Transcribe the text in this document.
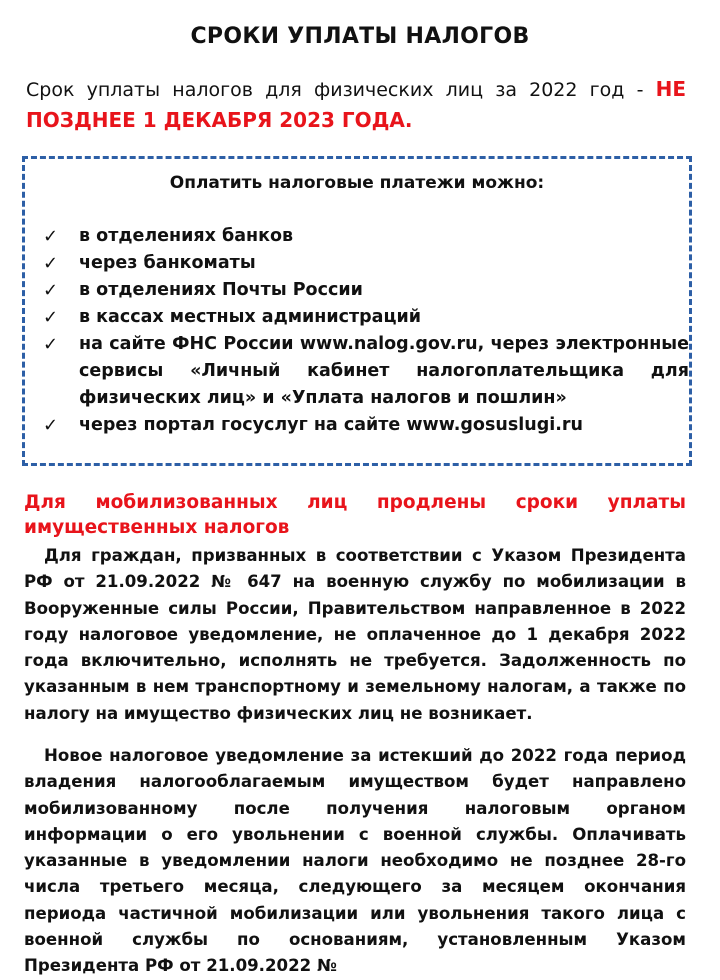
СРОКИ УПЛАТЫ НАЛОГОВ
Срок уплаты налогов для физических лиц за 2022 год - НЕ ПОЗДНЕЕ 1 ДЕКАБРЯ 2023 ГОДА.
Оплатить налоговые платежи можно:
✓ в отделениях банков
✓ через банкоматы
✓ в отделениях Почты России
✓ в кассах местных администраций
✓ на сайте ФНС России www.nalog.gov.ru, через электронные сервисы «Личный кабинет налогоплательщика для физических лиц» и «Уплата налогов и пошлин»
✓ через портал госуслуг на сайте www.gosuslugi.ru
Для мобилизованных лиц продлены сроки уплаты имущественных налогов

Для граждан, призванных в соответствии с Указом Президента РФ от 21.09.2022 № 647 на военную службу по мобилизации в Вооруженные силы России, Правительством направленное в 2022 году налоговое уведомление, не оплаченное до 1 декабря 2022 года включительно, исполнять не требуется. Задолженность по указанным в нем транспортному и земельному налогам, а также по налогу на имущество физических лиц не возникает.

Новое налоговое уведомление за истекший до 2022 года период владения налогооблагаемым имуществом будет направлено мобилизованному после получения налоговым органом информации о его увольнении с военной службы. Оплачивать указанные в уведомлении налоги необходимо не позднее 28-го числа третьего месяца, следующего за месяцем окончания периода частичной мобилизации или увольнения такого лица с военной службы по основаниям, установленным Указом Президента РФ от 21.09.2022 №
